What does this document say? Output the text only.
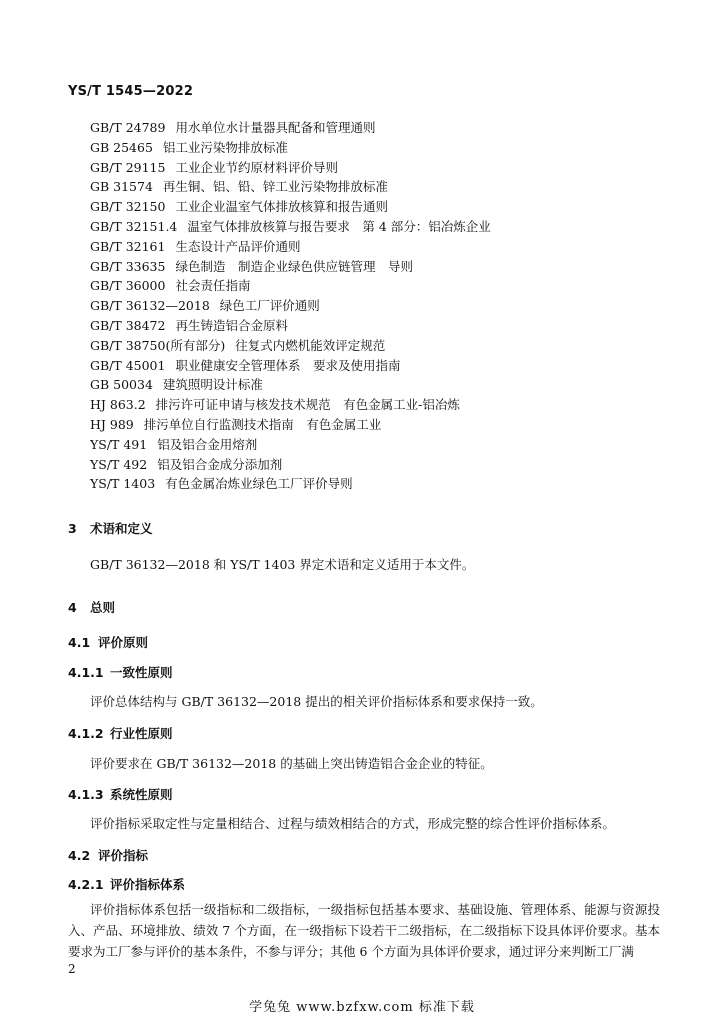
YS/T 1545—2022
GB/T 24789 用水单位水计量器具配备和管理通则
GB 25465 铝工业污染物排放标准
GB/T 29115 工业企业节约原材料评价导则
GB 31574 再生铜、铝、铅、锌工业污染物排放标准
GB/T 32150 工业企业温室气体排放核算和报告通则
GB/T 32151.4 温室气体排放核算与报告要求　第 4 部分：铝冶炼企业
GB/T 32161 生态设计产品评价通则
GB/T 33635 绿色制造　制造企业绿色供应链管理　导则
GB/T 36000 社会责任指南
GB/T 36132—2018 绿色工厂评价通则
GB/T 38472 再生铸造铝合金原料
GB/T 38750(所有部分) 往复式内燃机能效评定规范
GB/T 45001 职业健康安全管理体系　要求及使用指南
GB 50034 建筑照明设计标准
HJ 863.2 排污许可证申请与核发技术规范　有色金属工业-铝冶炼
HJ 989 排污单位自行监测技术指南　有色金属工业
YS/T 491 铝及铝合金用熔剂
YS/T 492 铝及铝合金成分添加剂
YS/T 1403 有色金属冶炼业绿色工厂评价导则
3 术语和定义
GB/T 36132—2018 和 YS/T 1403 界定术语和定义适用于本文件。
4 总则
4.1 评价原则
4.1.1 一致性原则
评价总体结构与 GB/T 36132—2018 提出的相关评价指标体系和要求保持一致。
4.1.2 行业性原则
评价要求在 GB/T 36132—2018 的基础上突出铸造铝合金企业的特征。
4.1.3 系统性原则
评价指标采取定性与定量相结合、过程与绩效相结合的方式，形成完整的综合性评价指标体系。
4.2 评价指标
4.2.1 评价指标体系

评价指标体系包括一级指标和二级指标，一级指标包括基本要求、基础设施、管理体系、能源与资源投入、产品、环境排放、绩效 7 个方面，在一级指标下设若干二级指标，在二级指标下设具体评价要求。基本要求为工厂参与评价的基本条件，不参与评分；其他 6 个方面为具体评价要求，通过评分来判断工厂满

2
学兔兔 www.bzfxw.com 标准下载
